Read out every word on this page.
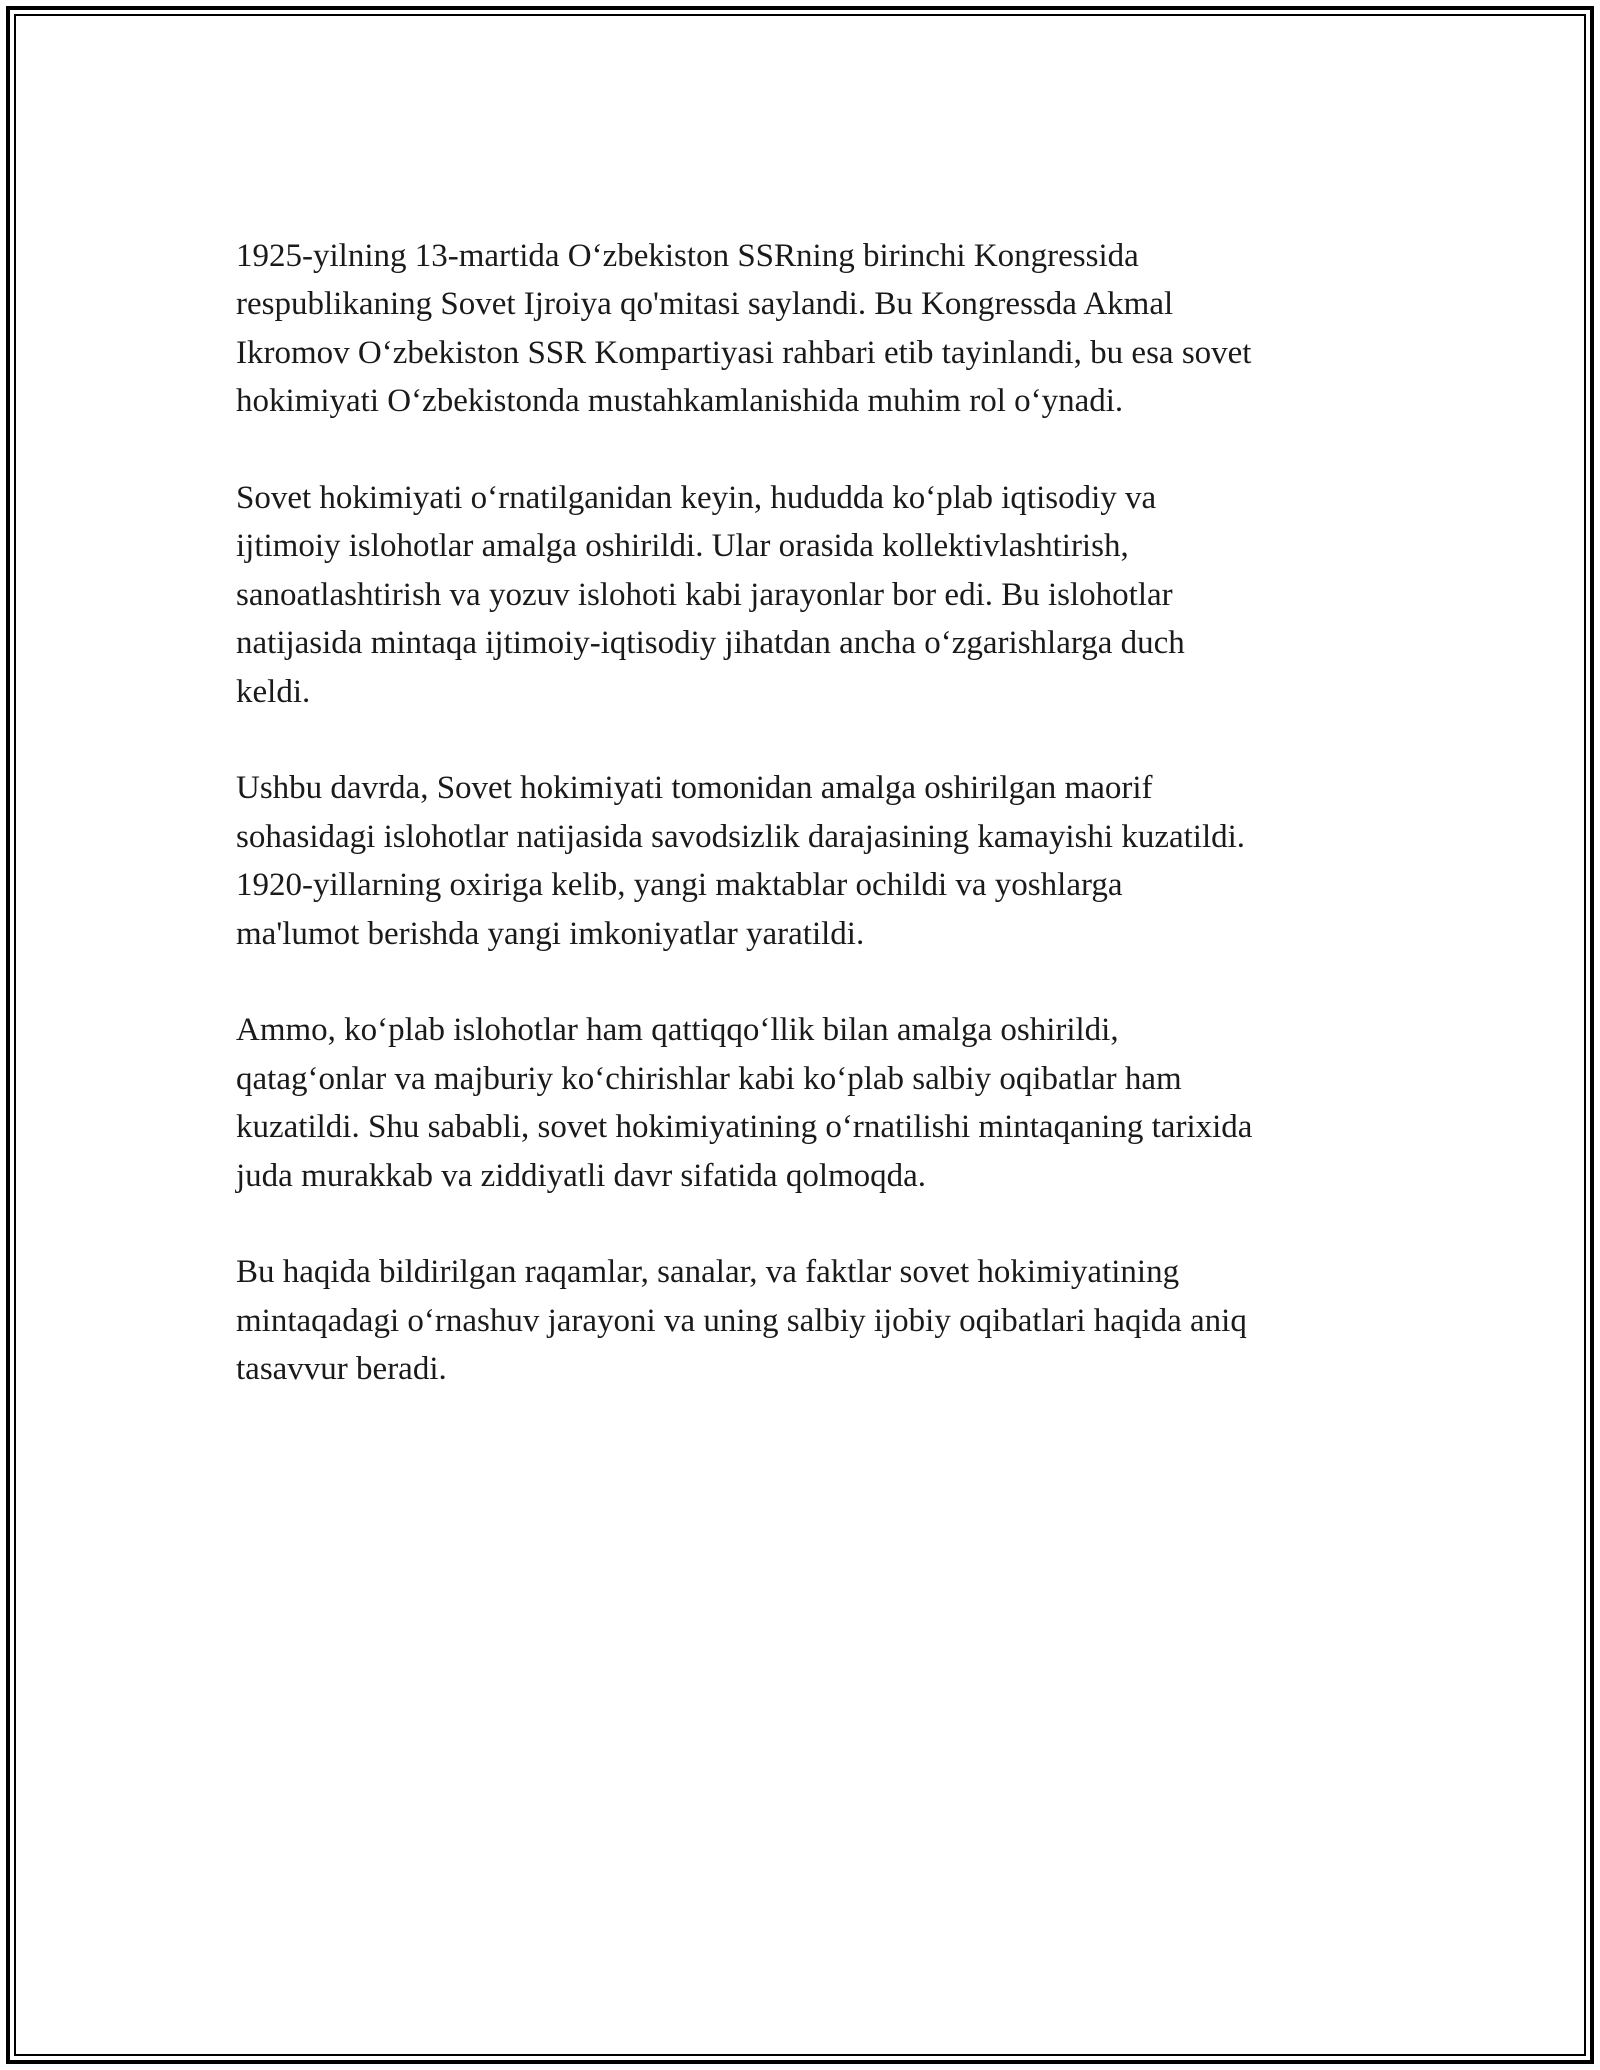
1925-yilning 13-martida O‘zbekiston SSRning birinchi Kongressida
respublikaning Sovet Ijroiya qo'mitasi saylandi. Bu Kongressda Akmal
Ikromov O‘zbekiston SSR Kompartiyasi rahbari etib tayinlandi, bu esa sovet
hokimiyati O‘zbekistonda mustahkamlanishida muhim rol o‘ynadi.

Sovet hokimiyati o‘rnatilganidan keyin, hududda ko‘plab iqtisodiy va
ijtimoiy islohotlar amalga oshirildi. Ular orasida kollektivlashtirish,
sanoatlashtirish va yozuv islohoti kabi jarayonlar bor edi. Bu islohotlar
natijasida mintaqa ijtimoiy-iqtisodiy jihatdan ancha o‘zgarishlarga duch
keldi.

Ushbu davrda, Sovet hokimiyati tomonidan amalga oshirilgan maorif
sohasidagi islohotlar natijasida savodsizlik darajasining kamayishi kuzatildi.
1920-yillarning oxiriga kelib, yangi maktablar ochildi va yoshlarga
ma'lumot berishda yangi imkoniyatlar yaratildi.

Ammo, ko‘plab islohotlar ham qattiqqo‘llik bilan amalga oshirildi,
qatag‘onlar va majburiy ko‘chirishlar kabi ko‘plab salbiy oqibatlar ham
kuzatildi. Shu sababli, sovet hokimiyatining o‘rnatilishi mintaqaning tarixida
juda murakkab va ziddiyatli davr sifatida qolmoqda.

Bu haqida bildirilgan raqamlar, sanalar, va faktlar sovet hokimiyatining
mintaqadagi o‘rnashuv jarayoni va uning salbiy ijobiy oqibatlari haqida aniq
tasavvur beradi.
